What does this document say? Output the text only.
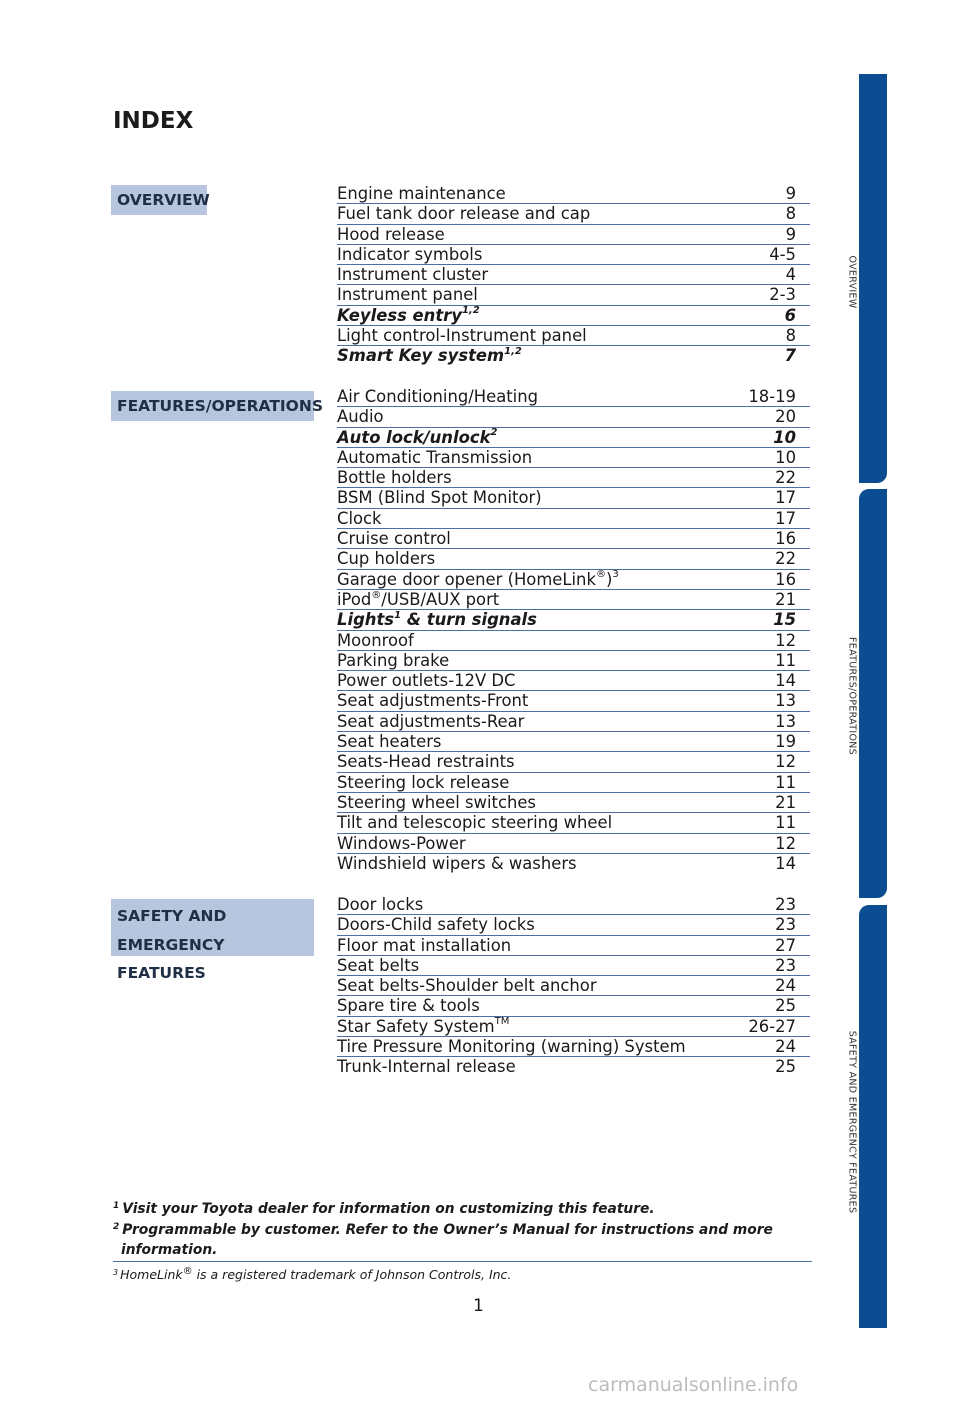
INDEX
OVERVIEW
FEATURES/OPERATIONS
SAFETY AND
EMERGENCY FEATURES
Engine maintenance	9
Fuel tank door release and cap	8
Hood release	9
Indicator symbols	4-5
Instrument cluster	4
Instrument panel	2-3
Keyless entry$^{1,2}$	6
Light control-Instrument panel	8
Smart Key system$^{1,2}$	7
Air Conditioning/Heating	18-19
Audio	20
Auto lock/unlock$^2$	10
Automatic Transmission	10
Bottle holders	22
BSM (Blind Spot Monitor)	17
Clock	17
Cruise control	16
Cup holders	22
Garage door opener (HomeLink®)$^3$	16
iPod®/USB/AUX port	21
Lights$^1$ & turn signals	15
Moonroof	12
Parking brake	11
Power outlets-12V DC	14
Seat adjustments-Front	13
Seat adjustments-Rear	13
Seat heaters	19
Seats-Head restraints	12
Steering lock release	11
Steering wheel switches	21
Tilt and telescopic steering wheel	11
Windows-Power	12
Windshield wipers & washers	14
Door locks	23
Doors-Child safety locks	23
Floor mat installation	27
Seat belts	23
Seat belts-Shoulder belt anchor	24
Spare tire & tools	25
Star Safety System™	26-27
Tire Pressure Monitoring (warning) System	24
Trunk-Internal release	25

$^1$ Visit your Toyota dealer for information on customizing this feature.

$^2$ Programmable by customer. Refer to the Owner’s Manual for instructions and more

information.

$^3$ HomeLink® is a registered trademark of Johnson Controls, Inc.

1
OVERVIEW
FEATURES/OPERATIONS
SAFETY AND EMERGENCY FEATURES
carmanualsonline.info
